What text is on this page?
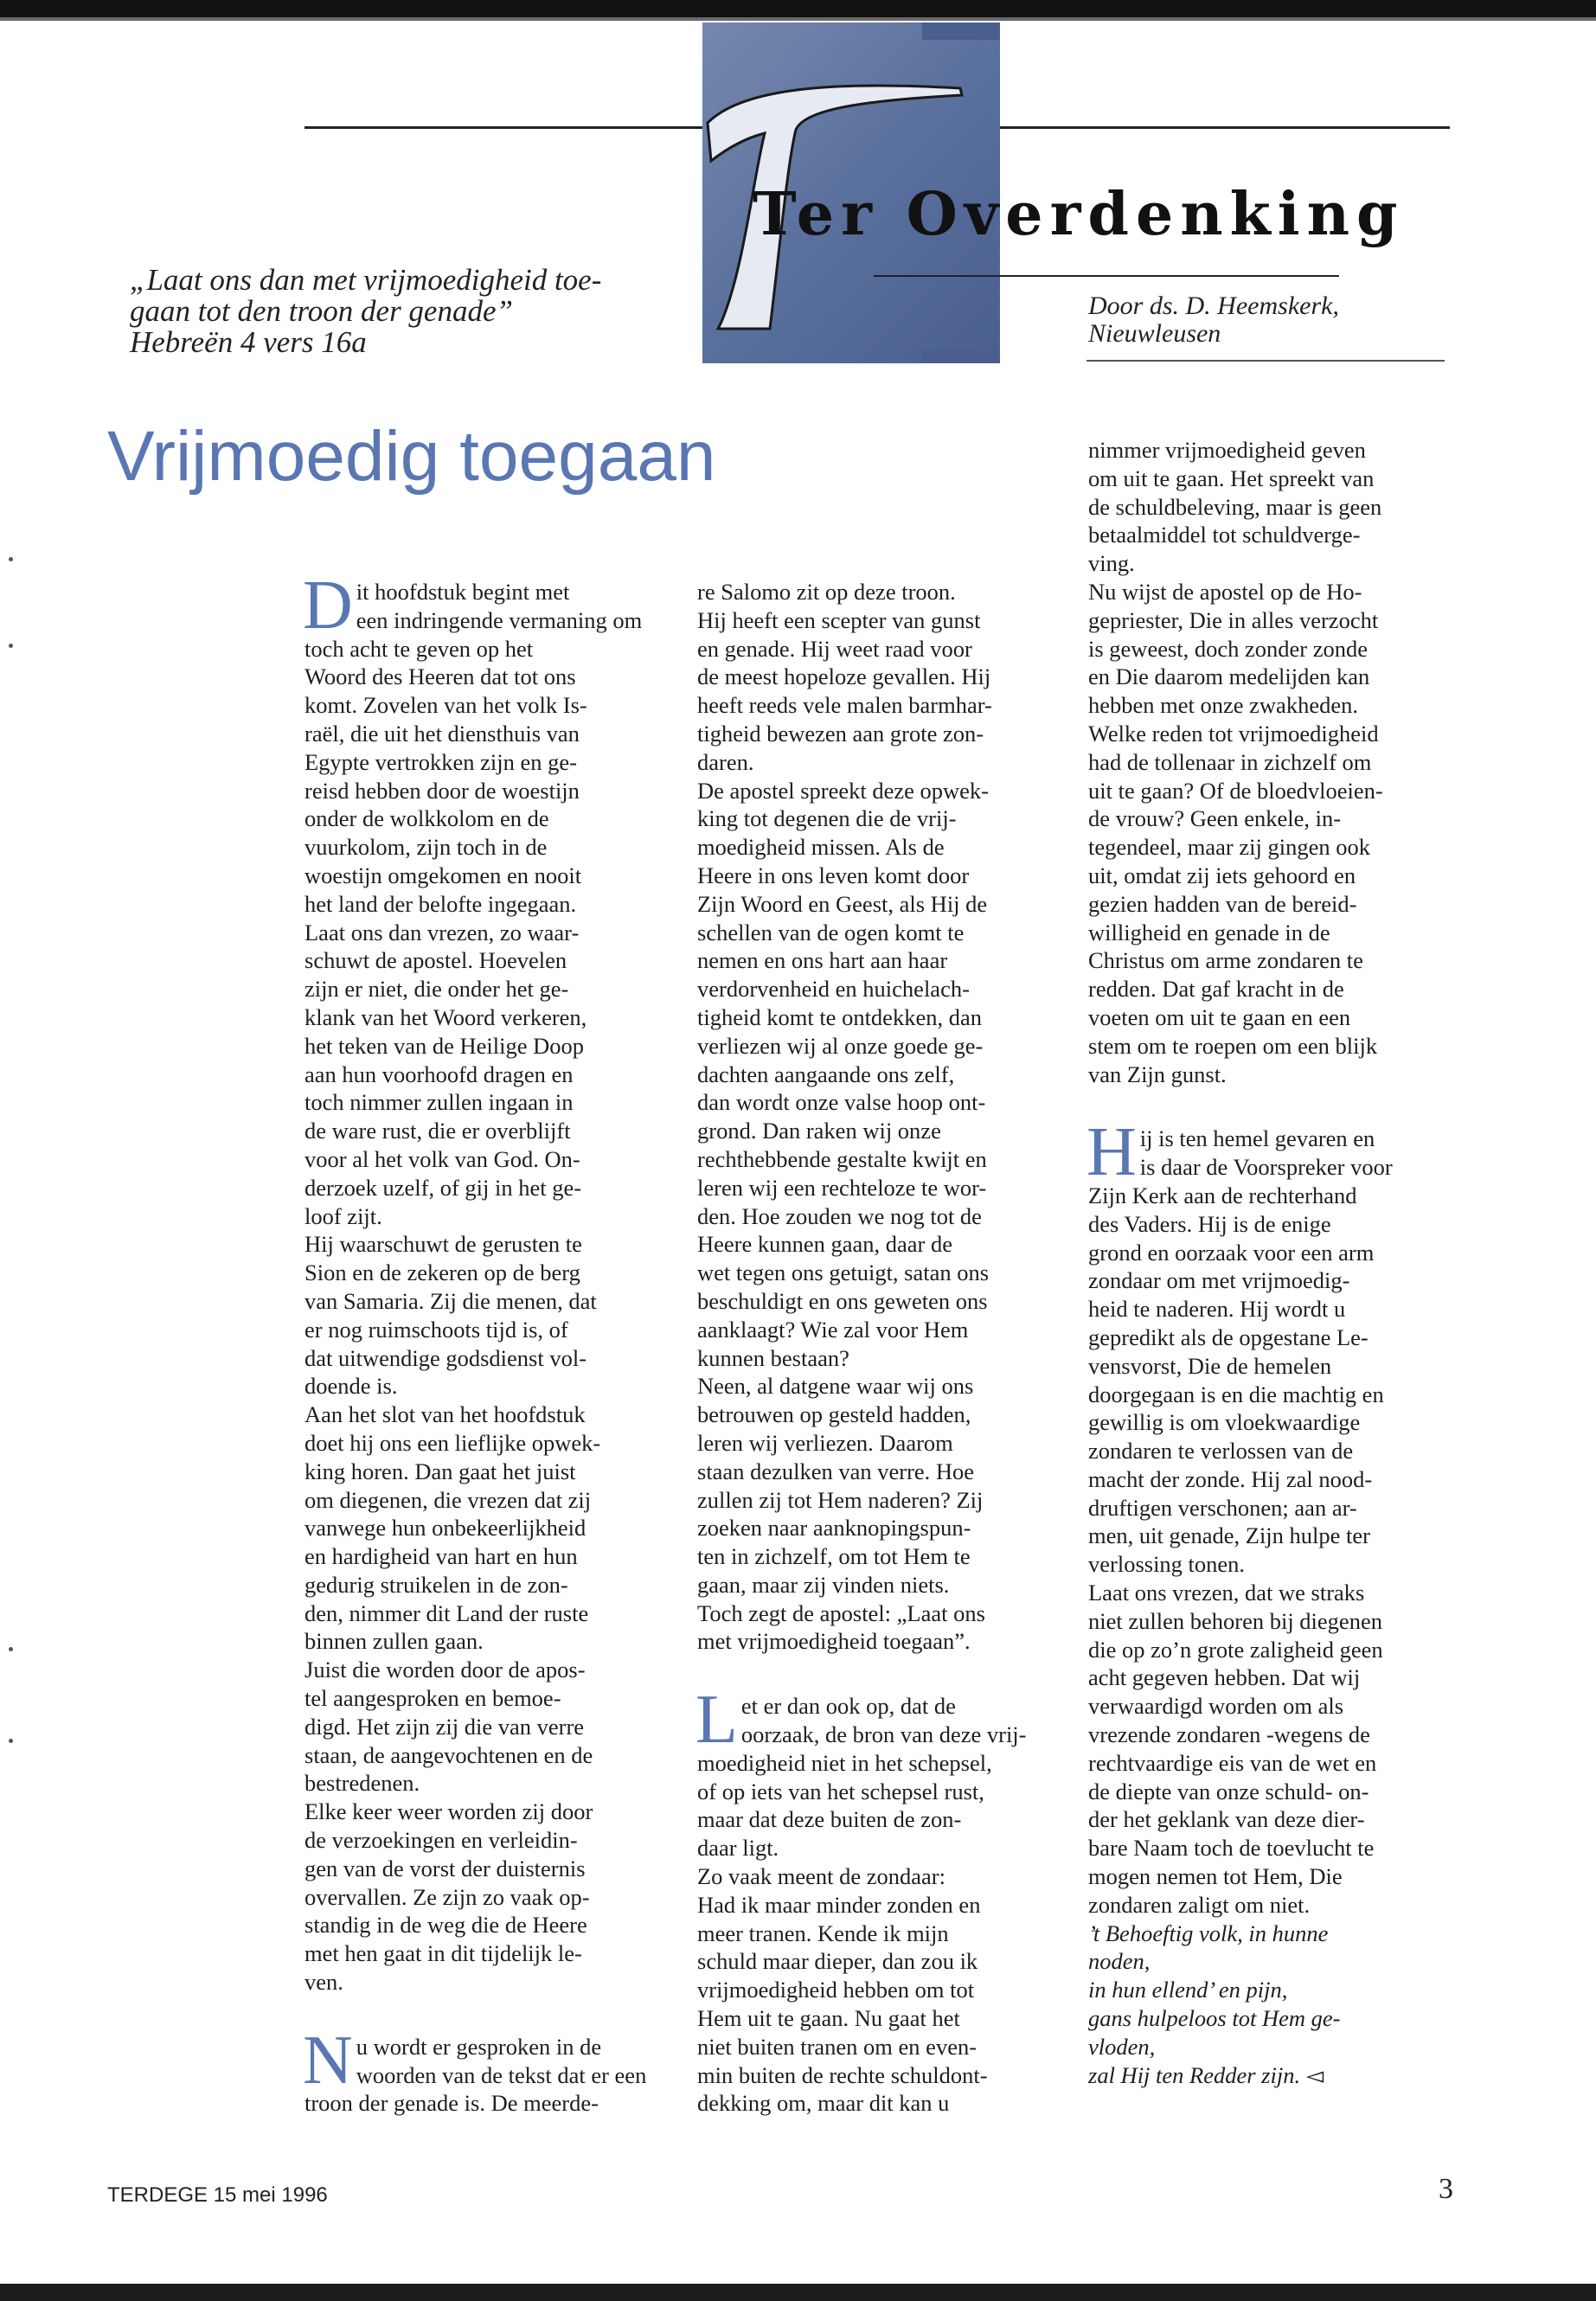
Ter Overdenking
„Laat ons dan met vrijmoedigheid toe-
gaan tot den troon der genade”
Hebreën 4 vers 16a
Door ds. D. Heemskerk,
Nieuwleusen
Vrijmoedig toegaan
D it hoofdstuk begint met
een indringende vermaning om
toch acht te geven op het
Woord des Heeren dat tot ons
komt. Zovelen van het volk Is-
raël, die uit het diensthuis van
Egypte vertrokken zijn en ge-
reisd hebben door de woestijn
onder de wolkkolom en de
vuurkolom, zijn toch in de
woestijn omgekomen en nooit
het land der belofte ingegaan.
Laat ons dan vrezen, zo waar-
schuwt de apostel. Hoevelen
zijn er niet, die onder het ge-
klank van het Woord verkeren,
het teken van de Heilige Doop
aan hun voorhoofd dragen en
toch nimmer zullen ingaan in
de ware rust, die er overblijft
voor al het volk van God. On-
derzoek uzelf, of gij in het ge-
loof zijt.
Hij waarschuwt de gerusten te
Sion en de zekeren op de berg
van Samaria. Zij die menen, dat
er nog ruimschoots tijd is, of
dat uitwendige godsdienst vol-
doende is.
Aan het slot van het hoofdstuk
doet hij ons een lieflijke opwek-
king horen. Dan gaat het juist
om diegenen, die vrezen dat zij
vanwege hun onbekeerlijkheid
en hardigheid van hart en hun
gedurig struikelen in de zon-
den, nimmer dit Land der ruste
binnen zullen gaan.
Juist die worden door de apos-
tel aangesproken en bemoe-
digd. Het zijn zij die van verre
staan, de aangevochtenen en de
bestredenen.
Elke keer weer worden zij door
de verzoekingen en verleidin-
gen van de vorst der duisternis
overvallen. Ze zijn zo vaak op-
standig in de weg die de Heere
met hen gaat in dit tijdelijk le-
ven.
N u wordt er gesproken in de
woorden van de tekst dat er een
troon der genade is. De meerde-
re Salomo zit op deze troon.
Hij heeft een scepter van gunst
en genade. Hij weet raad voor
de meest hopeloze gevallen. Hij
heeft reeds vele malen barmhar-
tigheid bewezen aan grote zon-
daren.
De apostel spreekt deze opwek-
king tot degenen die de vrij-
moedigheid missen. Als de
Heere in ons leven komt door
Zijn Woord en Geest, als Hij de
schellen van de ogen komt te
nemen en ons hart aan haar
verdorvenheid en huichelach-
tigheid komt te ontdekken, dan
verliezen wij al onze goede ge-
dachten aangaande ons zelf,
dan wordt onze valse hoop ont-
grond. Dan raken wij onze
rechthebbende gestalte kwijt en
leren wij een rechteloze te wor-
den. Hoe zouden we nog tot de
Heere kunnen gaan, daar de
wet tegen ons getuigt, satan ons
beschuldigt en ons geweten ons
aanklaagt? Wie zal voor Hem
kunnen bestaan?
Neen, al datgene waar wij ons
betrouwen op gesteld hadden,
leren wij verliezen. Daarom
staan dezulken van verre. Hoe
zullen zij tot Hem naderen? Zij
zoeken naar aanknopingspun-
ten in zichzelf, om tot Hem te
gaan, maar zij vinden niets.
Toch zegt de apostel: „Laat ons
met vrijmoedigheid toegaan”.
L et er dan ook op, dat de
oorzaak, de bron van deze vrij-
moedigheid niet in het schepsel,
of op iets van het schepsel rust,
maar dat deze buiten de zon-
daar ligt.
Zo vaak meent de zondaar:
Had ik maar minder zonden en
meer tranen. Kende ik mijn
schuld maar dieper, dan zou ik
vrijmoedigheid hebben om tot
Hem uit te gaan. Nu gaat het
niet buiten tranen om en even-
min buiten de rechte schuldont-
dekking om, maar dit kan u
nimmer vrijmoedigheid geven
om uit te gaan. Het spreekt van
de schuldbeleving, maar is geen
betaalmiddel tot schuldverge-
ving.
Nu wijst de apostel op de Ho-
gepriester, Die in alles verzocht
is geweest, doch zonder zonde
en Die daarom medelijden kan
hebben met onze zwakheden.
Welke reden tot vrijmoedigheid
had de tollenaar in zichzelf om
uit te gaan? Of de bloedvloeien-
de vrouw? Geen enkele, in-
tegendeel, maar zij gingen ook
uit, omdat zij iets gehoord en
gezien hadden van de bereid-
willigheid en genade in de
Christus om arme zondaren te
redden. Dat gaf kracht in de
voeten om uit te gaan en een
stem om te roepen om een blijk
van Zijn gunst.
H ij is ten hemel gevaren en
is daar de Voorspreker voor
Zijn Kerk aan de rechterhand
des Vaders. Hij is de enige
grond en oorzaak voor een arm
zondaar om met vrijmoedig-
heid te naderen. Hij wordt u
gepredikt als de opgestane Le-
vensvorst, Die de hemelen
doorgegaan is en die machtig en
gewillig is om vloekwaardige
zondaren te verlossen van de
macht der zonde. Hij zal nood-
druftigen verschonen; aan ar-
men, uit genade, Zijn hulpe ter
verlossing tonen.
Laat ons vrezen, dat we straks
niet zullen behoren bij diegenen
die op zo’n grote zaligheid geen
acht gegeven hebben. Dat wij
verwaardigd worden om als
vrezende zondaren -wegens de
rechtvaardige eis van de wet en
de diepte van onze schuld- on-
der het geklank van deze dier-
bare Naam toch de toevlucht te
mogen nemen tot Hem, Die
zondaren zaligt om niet.
’t Behoeftig volk, in hunne
noden,
in hun ellend’ en pijn,
gans hulpeloos tot Hem ge-
vloden,
zal Hij ten Redder zijn. ◅
TERDEGE 15 mei 1996	3
